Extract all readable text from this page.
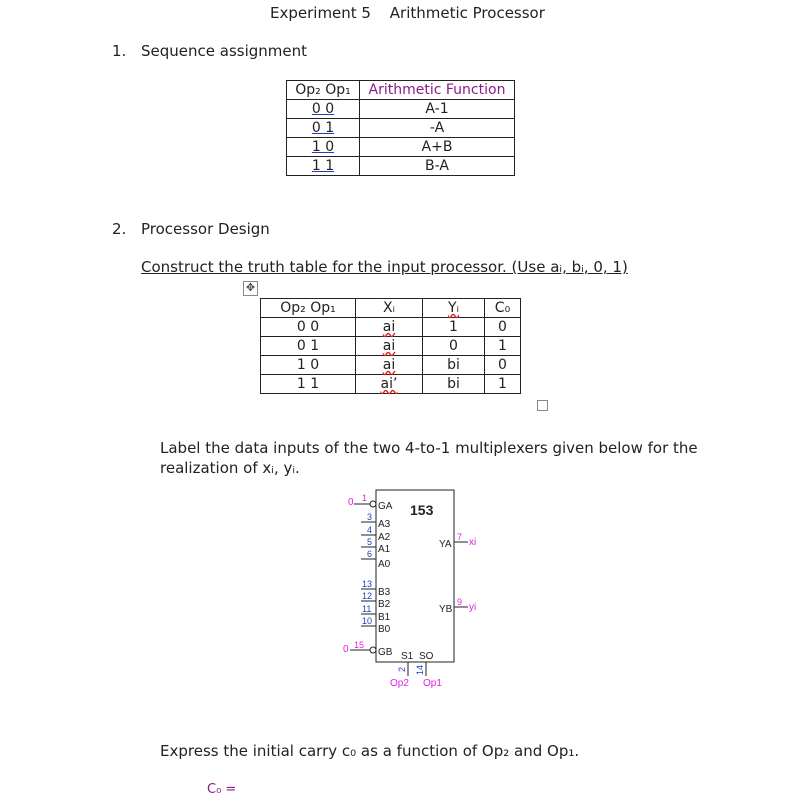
Experiment 5 Arithmetic Processor
1. Sequence assignment
Op₂ Op₁	Arithmetic Function
0 0	A-1
0 1	-A
1 0	A+B
1 1	B-A
2. Processor Design
Construct the truth table for the input processor. (Use aᵢ, bᵢ, 0, 1)
✥
Op₂ Op₁	Xᵢ	Yᵢ	C₀
0 0	ai	1	0
0 1	ai	0	1
1 0	ai	bi	0
1 1	ai’	bi	1
Label the data inputs of the two 4-to-1 multiplexers given below for the
realization of xᵢ, yᵢ.
153
0 1
GA
3
A3
4
A2
5
A1
6
A0
13
B3
12
B2
11
B1
10
B0
0 15
GB
YA
7 xi
YB
9 yi
S1 SO
2 14
Op2 Op1
Express the initial carry c₀ as a function of Op₂ and Op₁.
C₀ =
